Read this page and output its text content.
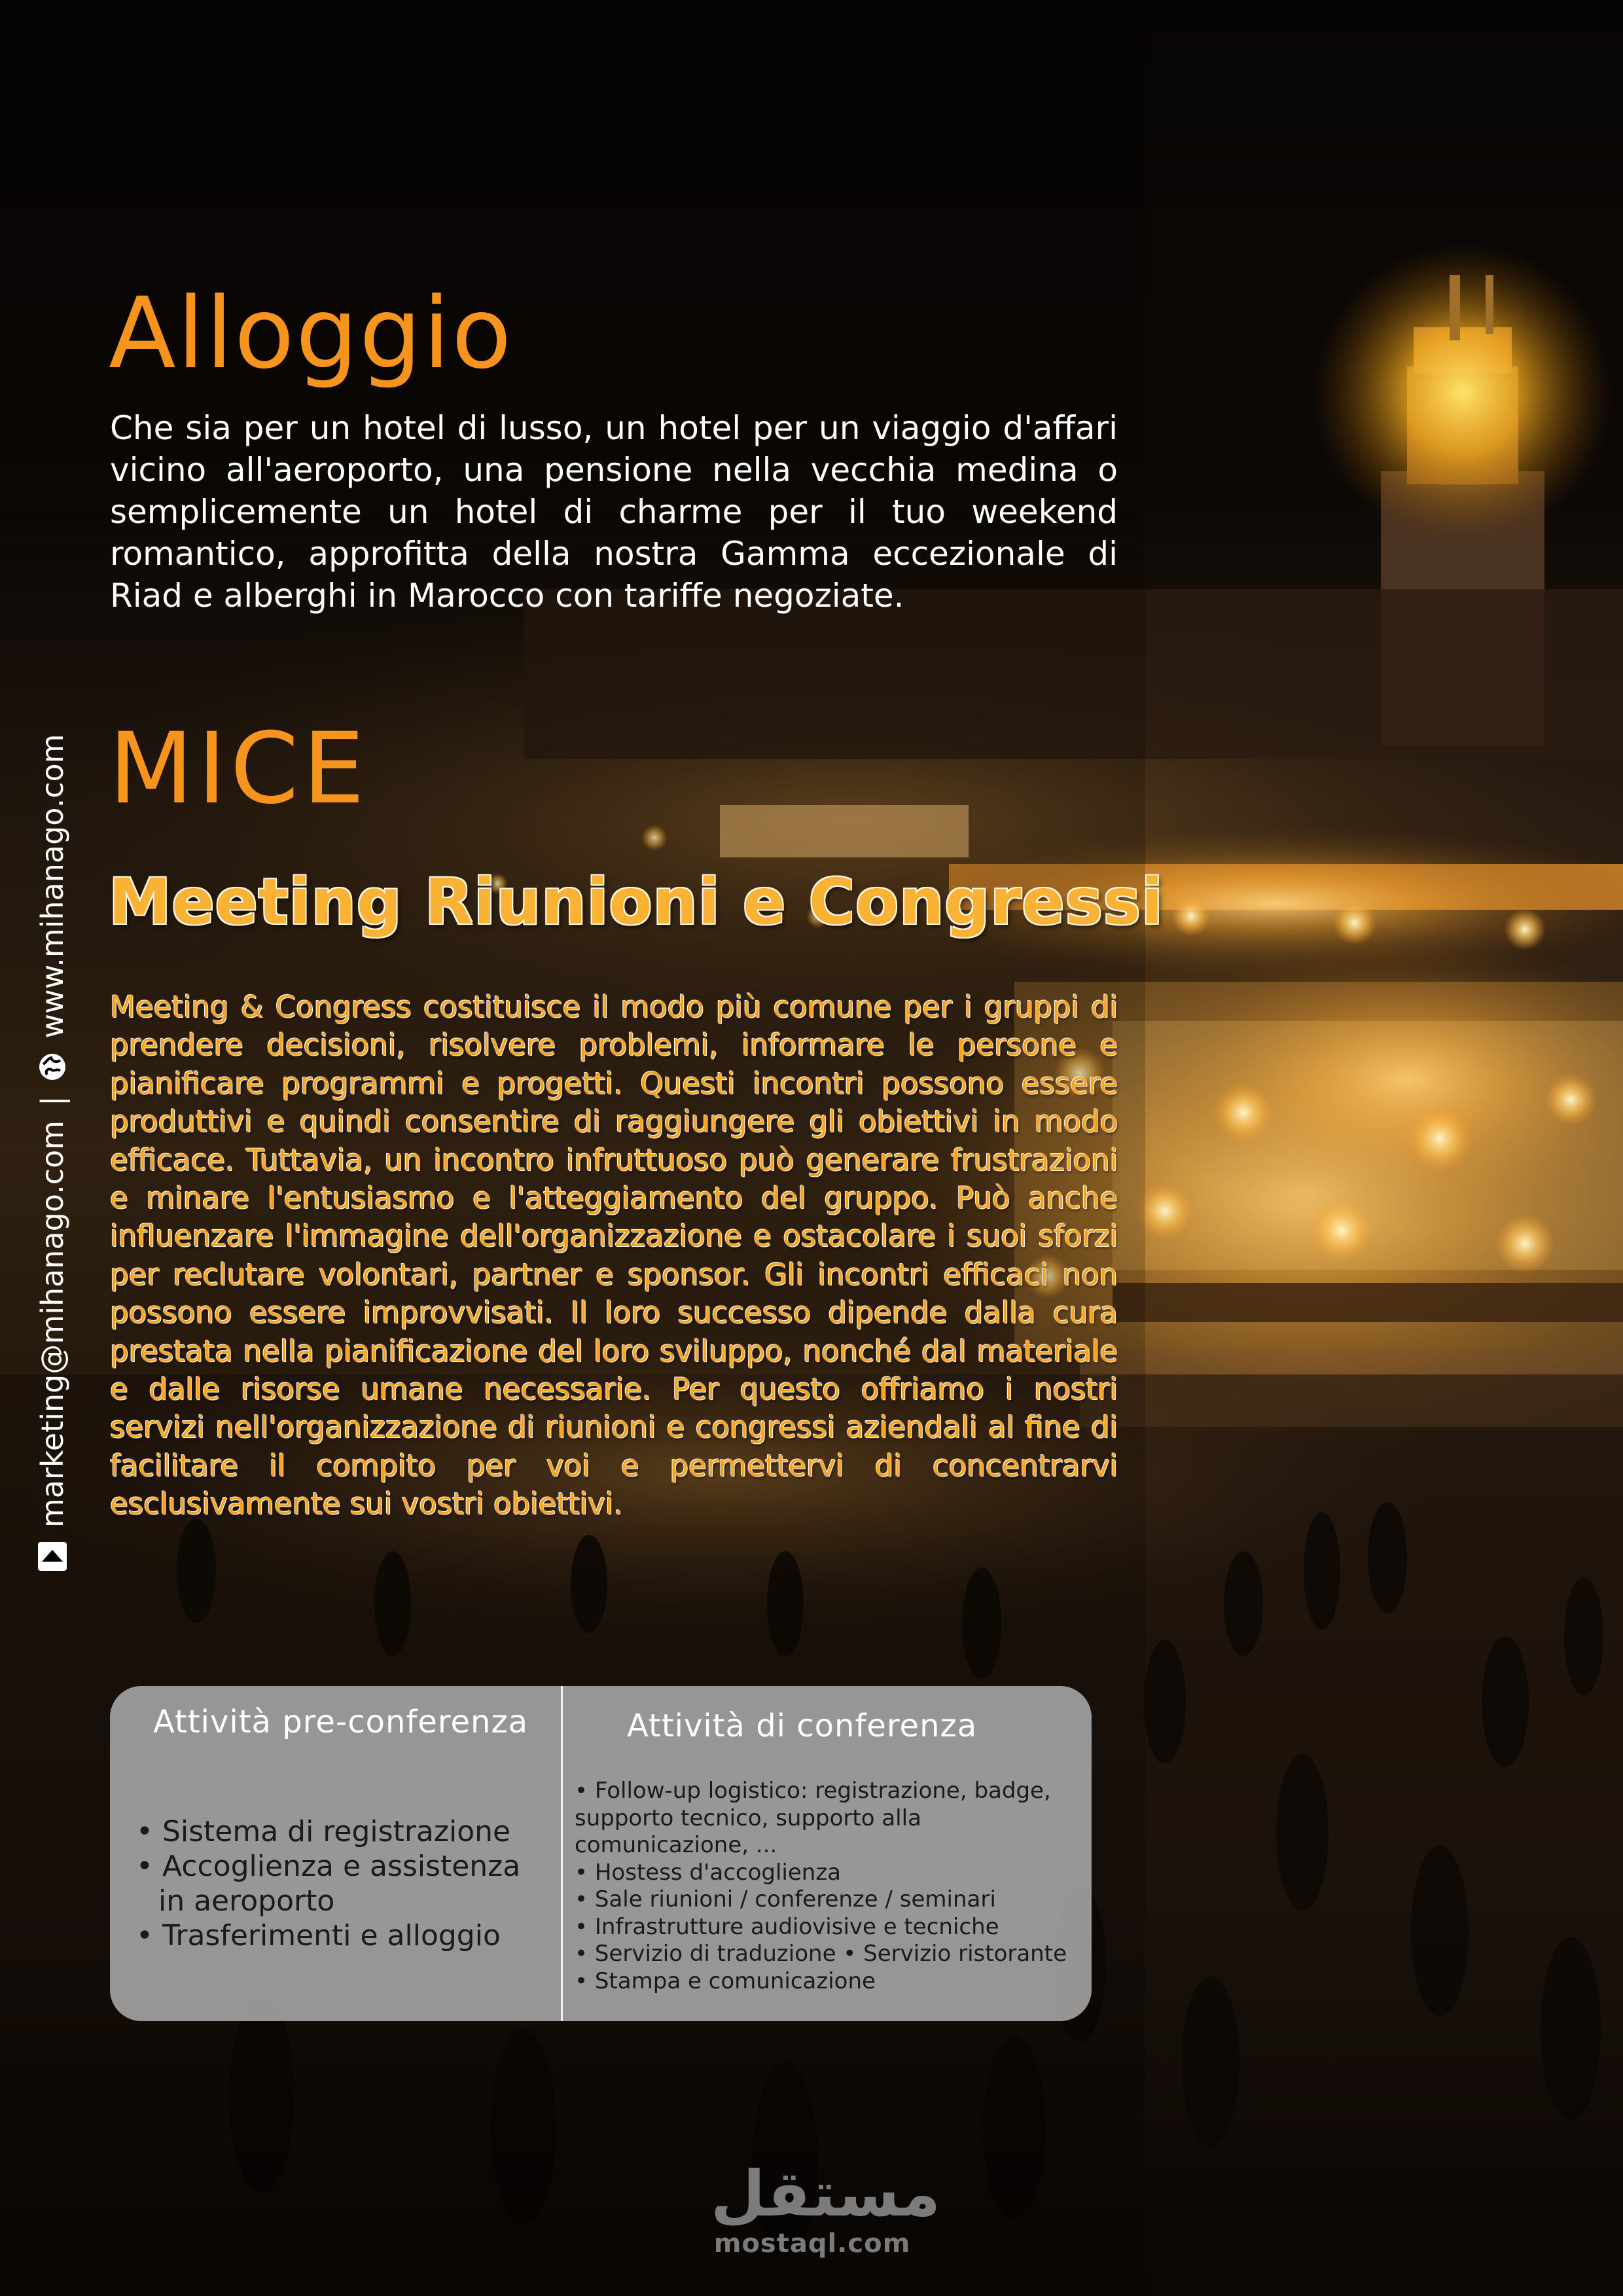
Alloggio

Che sia per un hotel di lusso, un hotel per un viaggio d'affari vicino all'aeroporto, una pensione nella vecchia medina o semplicemente un hotel di charme per il tuo weekend romantico, approfitta della nostra Gamma eccezionale di Riad e alberghi in Marocco con tariffe negoziate.

MICE
Meeting Riunioni e Congressi

Meeting & Congress costituisce il modo più comune per i gruppi di prendere decisioni, risolvere problemi, informare le persone e pianificare programmi e progetti. Questi incontri possono essere produttivi e quindi consentire di raggiungere gli obiettivi in modo efficace. Tuttavia, un incontro infruttuoso può generare frustrazioni e minare l'entusiasmo e l'atteggiamento del gruppo. Può anche influenzare l'immagine dell'organizzazione e ostacolare i suoi sforzi per reclutare volontari, partner e sponsor. Gli incontri efficaci non possono essere improvvisati. Il loro successo dipende dalla cura prestata nella pianificazione del loro sviluppo, nonché dal materiale e dalle risorse umane necessarie. Per questo offriamo i nostri servizi nell'organizzazione di riunioni e congressi aziendali al fine di facilitare il compito per voi e permettervi di concentrarvi esclusivamente sui vostri obiettivi.

marketing@mihanago.com
|
www.mihanago.com
Attività pre-conferenza	Attività di conferenza
• Sistema di registrazione
• Accoglienza e assistenza in aeroporto
• Trasferimenti e alloggio
• Follow-up logistico: registrazione, badge, supporto tecnico, supporto alla comunicazione, ...
• Hostess d'accoglienza
• Sale riunioni / conferenze / seminari
• Infrastrutture audiovisive e tecniche
• Servizio di traduzione • Servizio ristorante
• Stampa e comunicazione
مستقل
mostaql.com
